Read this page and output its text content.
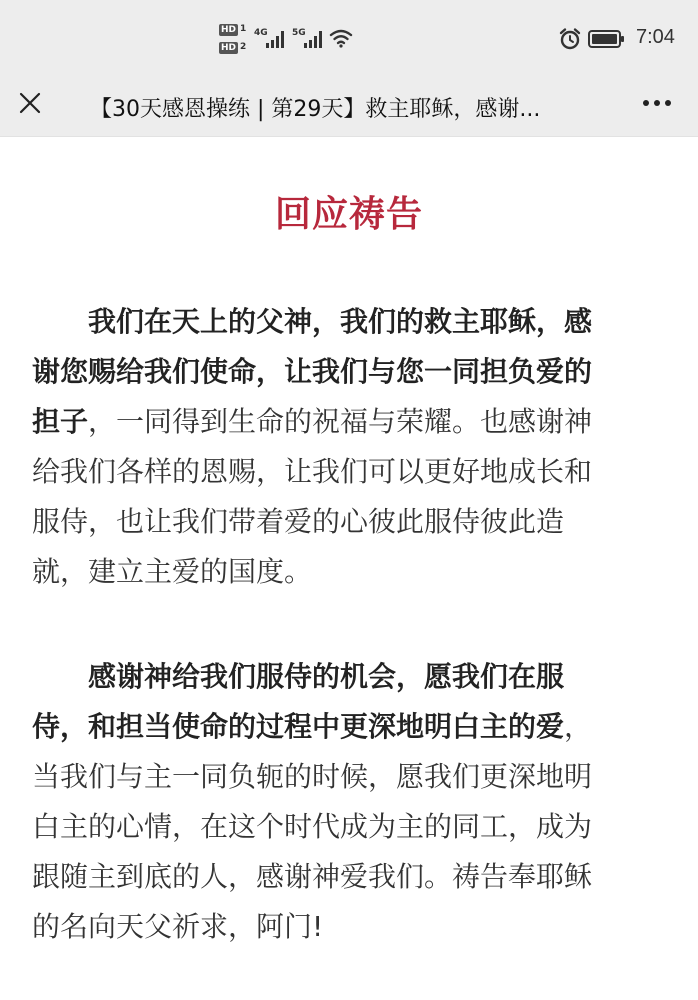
HD 1
HD 2
4G	5G	7:04
【30天感恩操练 | 第29天】救主耶稣，感谢...
回应祷告
我们在天上的父神，我们的救主耶稣，感
谢您赐给我们使命，让我们与您一同担负爱的
担子，一同得到生命的祝福与荣耀。也感谢神
给我们各样的恩赐，让我们可以更好地成长和
服侍，也让我们带着爱的心彼此服侍彼此造
就，建立主爱的国度。
感谢神给我们服侍的机会，愿我们在服
侍，和担当使命的过程中更深地明白主的爱，
当我们与主一同负轭的时候，愿我们更深地明
白主的心情，在这个时代成为主的同工，成为
跟随主到底的人，感谢神爱我们。祷告奉耶稣
的名向天父祈求，阿门!
